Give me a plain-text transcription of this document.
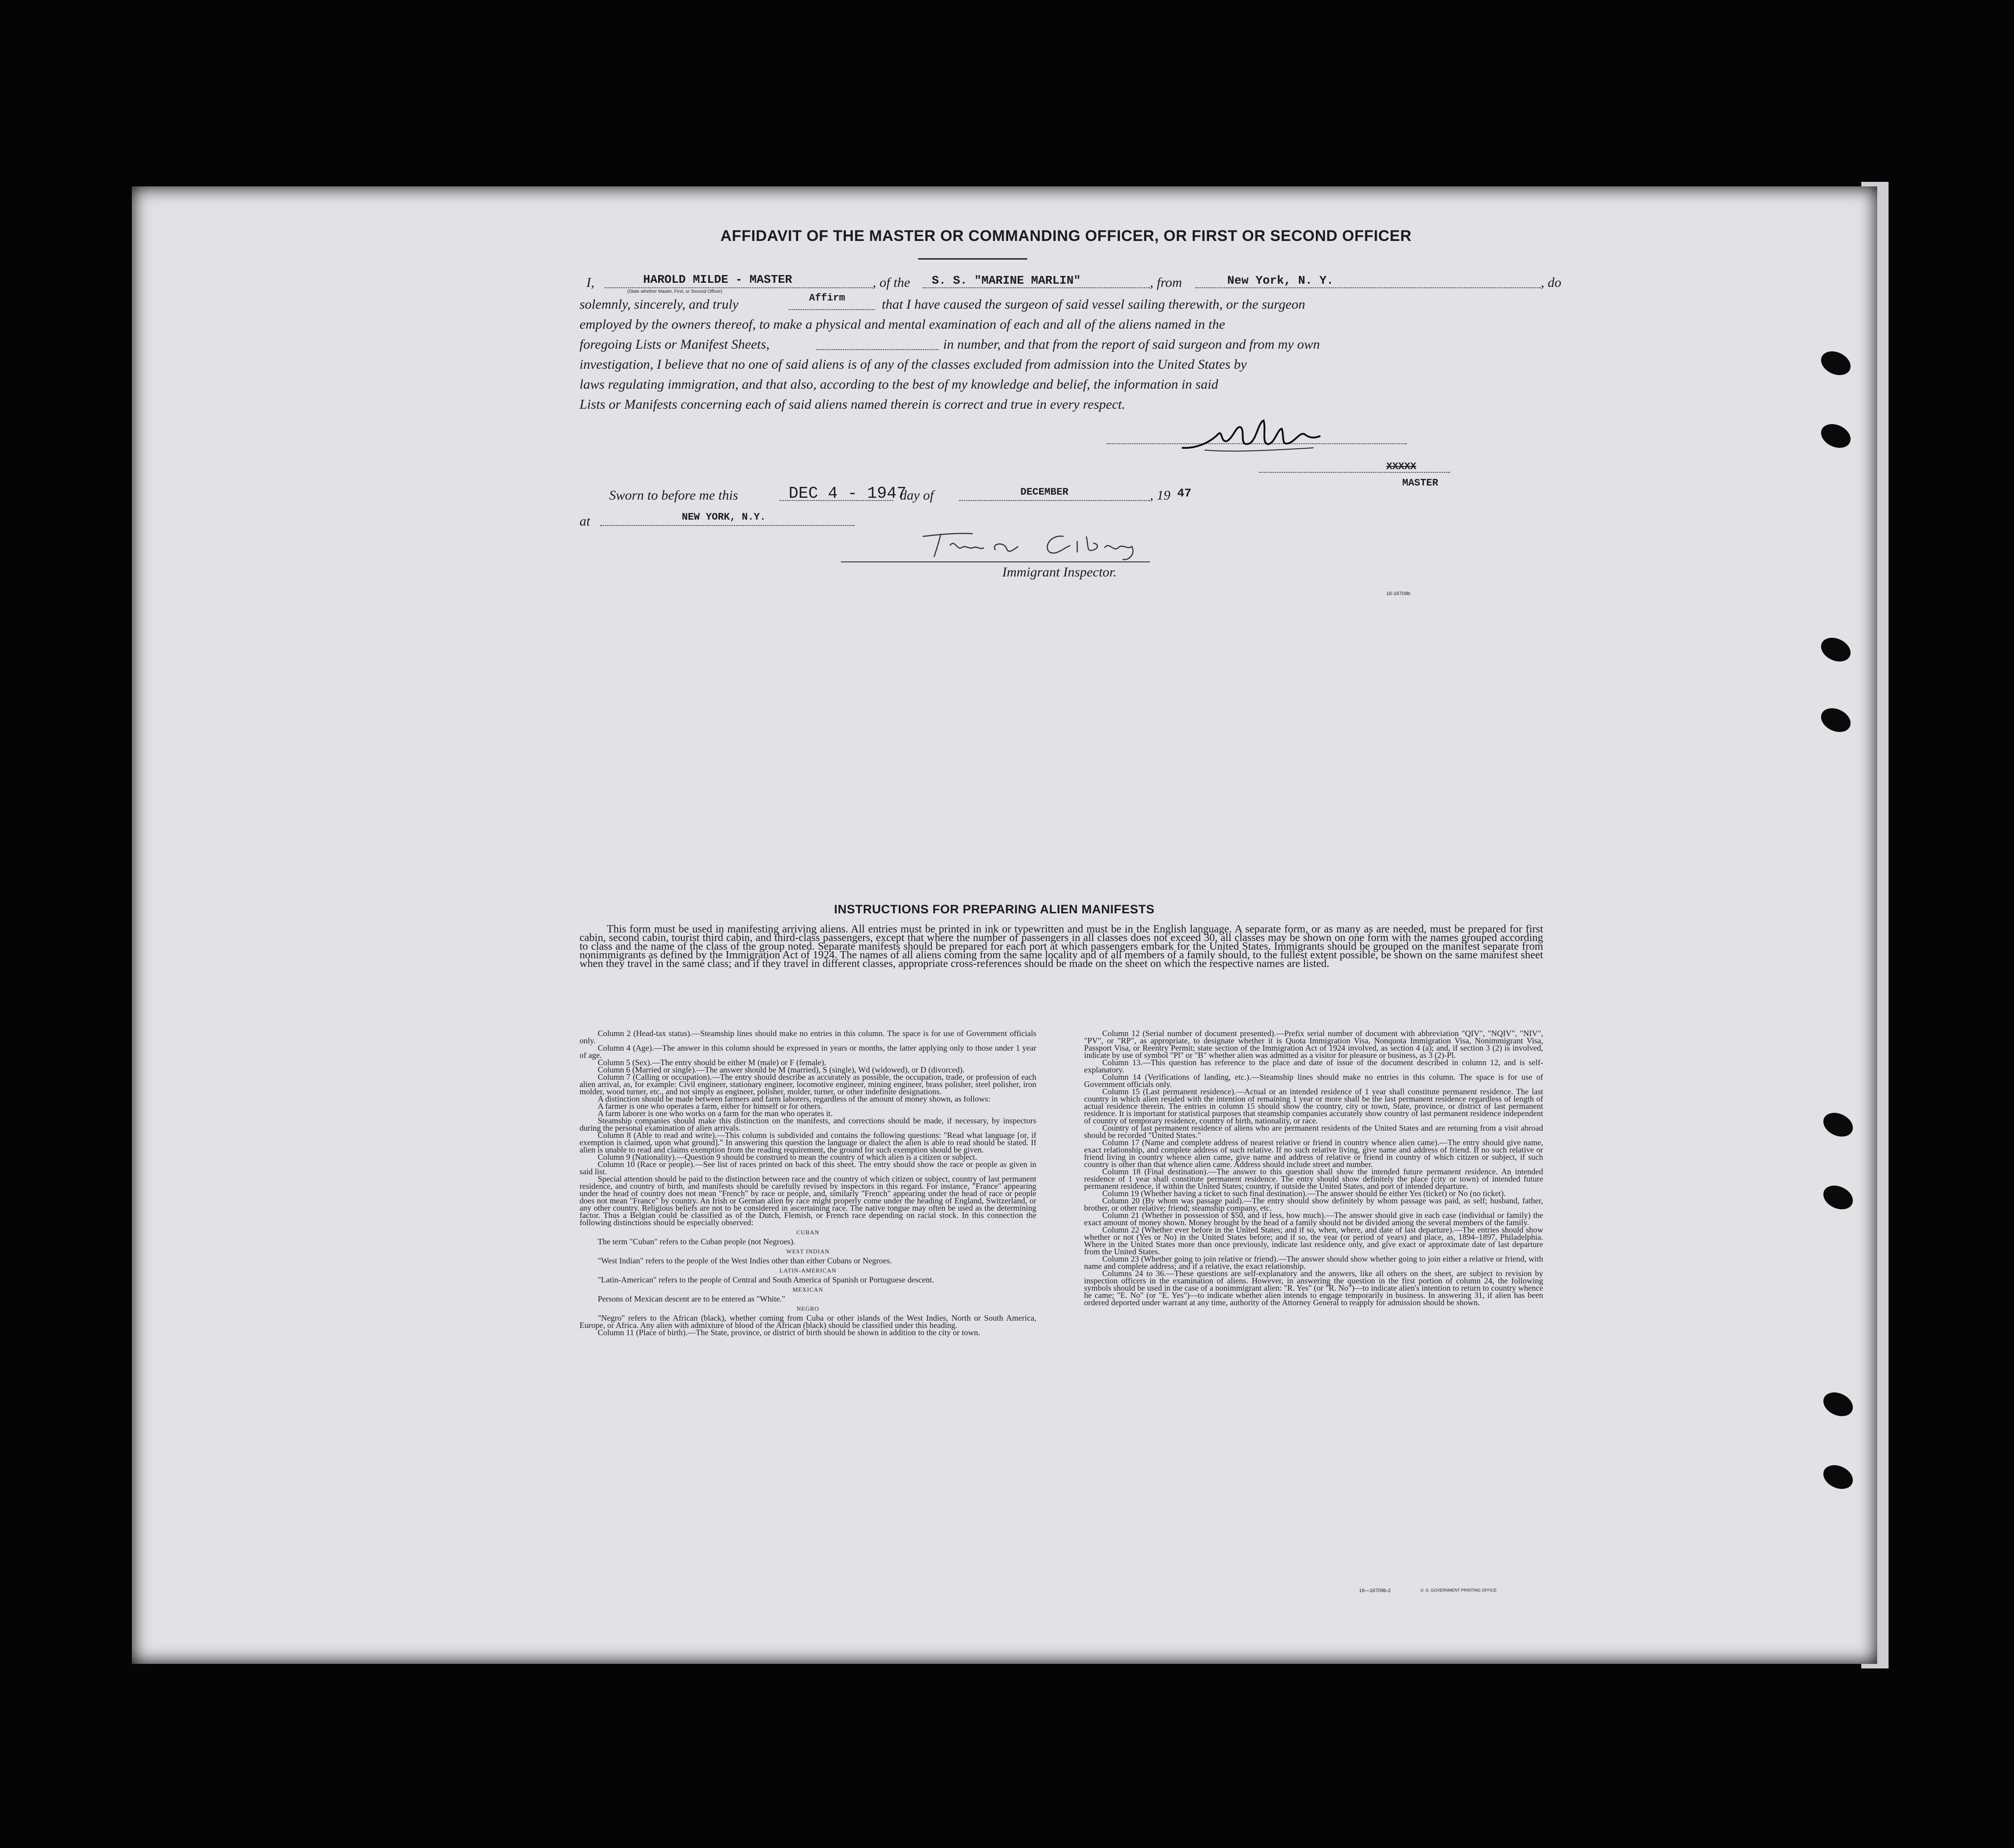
AFFIDAVIT OF THE MASTER OR COMMANDING OFFICER, OR FIRST OR SECOND OFFICER
I,	HAROLD MILDE - MASTER
(State whether Master, First, or Second Officer)
, of the S. S. "MARINE MARLIN"	, from	New York, N. Y.	, do
solemnly, sincerely, and truly	Affirm	that I have caused the surgeon of said vessel sailing therewith, or the surgeon
employed by the owners thereof, to make a physical and mental examination of each and all of the aliens named in the
foregoing Lists or Manifest Sheets,	in number, and that from the report of said surgeon and from my own
investigation, I believe that no one of said aliens is of any of the classes excluded from admission into the United States by
laws regulating immigration, and that also, according to the best of my knowledge and belief, the information in said
Lists or Manifests concerning each of said aliens named therein is correct and true in every respect.
XXXXX
MASTER
Sworn to before me this	DEC 4 - 1947
day of	DECEMBER	, 19 47
at	NEW YORK, N.Y.
Immigrant Inspector.
16-16709b
INSTRUCTIONS FOR PREPARING ALIEN MANIFESTS
This form must be used in manifesting arriving aliens. All entries must be printed in ink or typewritten and must be in the English language. A separate form, or as many as are needed, must be prepared for first cabin, second cabin, tourist third cabin, and third-class passengers, except that where the number of passengers in all classes does not exceed 30, all classes may be shown on one form with the names grouped according to class and the name of the class of the group noted. Separate manifests should be prepared for each port at which passengers embark for the United States. Immigrants should be grouped on the manifest separate from nonimmigrants as defined by the Immigration Act of 1924. The names of all aliens coming from the same locality and of all members of a family should, to the fullest extent possible, be shown on the same manifest sheet when they travel in the same class; and if they travel in different classes, appropriate cross-references should be made on the sheet on which the respective names are listed.

Column 2 (Head-tax status).—Steamship lines should make no entries in this column. The space is for use of Government officials only.

Column 4 (Age).—The answer in this column should be expressed in years or months, the latter applying only to those under 1 year of age.

Column 5 (Sex).—The entry should be either M (male) or F (female).

Column 6 (Married or single).—The answer should be M (married), S (single), Wd (widowed), or D (divorced).

Column 7 (Calling or occupation).—The entry should describe as accurately as possible, the occupation, trade, or profession of each alien arrival, as, for example: Civil engineer, stationary engineer, locomotive engineer, mining engineer, brass polisher, steel polisher, iron molder, wood turner, etc., and not simply as engineer, polisher, molder, turner, or other indefinite designations.

A distinction should be made between farmers and farm laborers, regardless of the amount of money shown, as follows:

A farmer is one who operates a farm, either for himself or for others.

A farm laborer is one who works on a farm for the man who operates it.

Steamship companies should make this distinction on the manifests, and corrections should be made, if necessary, by inspectors during the personal examination of alien arrivals.

Column 8 (Able to read and write).—This column is subdivided and contains the following questions: "Read what language [or, if exemption is claimed, upon what ground]." In answering this question the language or dialect the alien is able to read should be stated. If alien is unable to read and claims exemption from the reading requirement, the ground for such exemption should be given.

Column 9 (Nationality).—Question 9 should be construed to mean the country of which alien is a citizen or subject.

Column 10 (Race or people).—See list of races printed on back of this sheet. The entry should show the race or people as given in said list.

Special attention should be paid to the distinction between race and the country of which citizen or subject, country of last permanent residence, and country of birth, and manifests should be carefully revised by inspectors in this regard. For instance, "France" appearing under the head of country does not mean "French" by race or people, and, similarly "French" appearing under the head of race or people does not mean "France" by country. An Irish or German alien by race might properly come under the heading of England, Switzerland, or any other country. Religious beliefs are not to be considered in ascertaining race. The native tongue may often be used as the determining factor. Thus a Belgian could be classified as of the Dutch, Flemish, or French race depending on racial stock. In this connection the following distinctions should be especially observed:

CUBAN

The term "Cuban" refers to the Cuban people (not Negroes).

WEST INDIAN

"West Indian" refers to the people of the West Indies other than either Cubans or Negroes.

LATIN-AMERICAN

"Latin-American" refers to the people of Central and South America of Spanish or Portuguese descent.

MEXICAN

Persons of Mexican descent are to be entered as "White."

NEGRO

"Negro" refers to the African (black), whether coming from Cuba or other islands of the West Indies, North or South America, Europe, or Africa. Any alien with admixture of blood of the African (black) should be classified under this heading.

Column 11 (Place of birth).—The State, province, or district of birth should be shown in addition to the city or town.

Column 12 (Serial number of document presented).—Prefix serial number of document with abbreviation "QIV", "NQIV", "NIV", "PV", or "RP", as appropriate, to designate whether it is Quota Immigration Visa, Nonquota Immigration Visa, Nonimmigrant Visa, Passport Visa, or Reentry Permit; state section of the Immigration Act of 1924 involved, as section 4 (a); and, if section 3 (2) is involved, indicate by use of symbol "Pl" or "B" whether alien was admitted as a visitor for pleasure or business, as 3 (2)-Pl.

Column 13.—This question has reference to the place and date of issue of the document described in column 12, and is self-explanatory.

Column 14 (Verifications of landing, etc.).—Steamship lines should make no entries in this column. The space is for use of Government officials only.

Column 15 (Last permanent residence).—Actual or an intended residence of 1 year shall constitute permanent residence. The last country in which alien resided with the intention of remaining 1 year or more shall be the last permanent residence regardless of length of actual residence therein. The entries in column 15 should show the country, city or town, State, province, or district of last permanent residence. It is important for statistical purposes that steamship companies accurately show country of last permanent residence independent of country of temporary residence, country of birth, nationality, or race.

Country of last permanent residence of aliens who are permanent residents of the United States and are returning from a visit abroad should be recorded "United States."

Column 17 (Name and complete address of nearest relative or friend in country whence alien came).—The entry should give name, exact relationship, and complete address of such relative. If no such relative living, give name and address of friend. If no such relative or friend living in country whence alien came, give name and address of relative or friend in country of which citizen or subject, if such country is other than that whence alien came. Address should include street and number.

Column 18 (Final destination).—The answer to this question shall show the intended future permanent residence. An intended residence of 1 year shall constitute permanent residence. The entry should show definitely the place (city or town) of intended future permanent residence, if within the United States; country, if outside the United States, and port of intended departure.

Column 19 (Whether having a ticket to such final destination).—The answer should be either Yes (ticket) or No (no ticket).

Column 20 (By whom was passage paid).—The entry should show definitely by whom passage was paid, as self; husband, father, brother, or other relative; friend; steamship company, etc.

Column 21 (Whether in possession of $50, and if less, how much).—The answer should give in each case (individual or family) the exact amount of money shown. Money brought by the head of a family should not be divided among the several members of the family.

Column 22 (Whether ever before in the United States; and if so, when, where, and date of last departure).—The entries should show whether or not (Yes or No) in the United States before; and if so, the year (or period of years) and place, as, 1894–1897, Philadelphia. Where in the United States more than once previously, indicate last residence only, and give exact or approximate date of last departure from the United States.

Column 23 (Whether going to join relative or friend).—The answer should show whether going to join either a relative or friend, with name and complete address; and if a relative, the exact relationship.

Columns 24 to 36.—These questions are self-explanatory and the answers, like all others on the sheet, are subject to revision by inspection officers in the examination of aliens. However, in answering the question in the first portion of column 24, the following symbols should be used in the case of a nonimmigrant alien: "R. Yes" (or "R. No")—to indicate alien's intention to return to country whence he came; "E. No" (or "E. Yes")—to indicate whether alien intends to engage temporarily in business. In answering 31, if alien has been ordered deported under warrant at any time, authority of the Attorney General to reapply for admission should be shown.

16—16709b-2	U. S. GOVERNMENT PRINTING OFFICE
